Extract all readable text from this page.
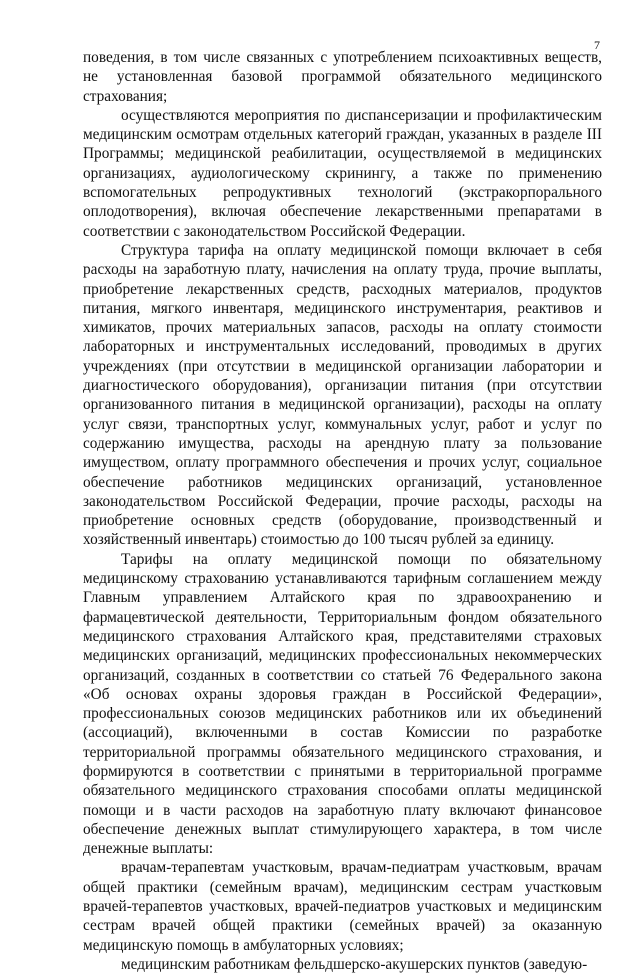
7

поведения, в том числе связанных с употреблением психоактивных веществ, не установленная базовой программой обязательного медицинского страхования;

осуществляются мероприятия по диспансеризации и профилактическим медицинским осмотрам отдельных категорий граждан, указанных в разделе III Программы; медицинской реабилитации, осуществляемой в медицинских организациях, аудиологическому скринингу, а также по применению вспомогательных репродуктивных технологий (экстракорпорального оплодотворения), включая обеспечение лекарственными препаратами в соответствии с законодательством Российской Федерации.

Структура тарифа на оплату медицинской помощи включает в себя расходы на заработную плату, начисления на оплату труда, прочие выплаты, приобретение лекарственных средств, расходных материалов, продуктов питания, мягкого инвентаря, медицинского инструментария, реактивов и химикатов, прочих материальных запасов, расходы на оплату стоимости лабораторных и инструментальных исследований, проводимых в других учреждениях (при отсутствии в медицинской организации лаборатории и диагностического оборудования), организации питания (при отсутствии организованного питания в медицинской организации), расходы на оплату услуг связи, транспортных услуг, коммунальных услуг, работ и услуг по содержанию имущества, расходы на арендную плату за пользование имуществом, оплату программного обеспечения и прочих услуг, социальное обеспечение работников медицинских организаций, установленное законодательством Российской Федерации, прочие расходы, расходы на приобретение основных средств (оборудование, производственный и хозяйственный инвентарь) стоимостью до 100 тысяч рублей за единицу.

Тарифы на оплату медицинской помощи по обязательному медицинскому страхованию устанавливаются тарифным соглашением между Главным управлением Алтайского края по здравоохранению и фармацевтической деятельности, Территориальным фондом обязательного медицинского страхования Алтайского края, представителями страховых медицинских организаций, медицинских профессиональных некоммерческих организаций, созданных в соответствии со статьей 76 Федерального закона «Об основах охраны здоровья граждан в Российской Федерации», профессиональных союзов медицинских работников или их объединений (ассоциаций), включенными в состав Комиссии по разработке территориальной программы обязательного медицинского страхования, и формируются в соответствии с принятыми в территориальной программе обязательного медицинского страхования способами оплаты медицинской помощи и в части расходов на заработную плату включают финансовое обеспечение денежных выплат стимулирующего характера, в том числе денежные выплаты:

врачам-терапевтам участковым, врачам-педиатрам участковым, врачам общей практики (семейным врачам), медицинским сестрам участковым врачей-терапевтов участковых, врачей-педиатров участковых и медицинским сестрам врачей общей практики (семейных врачей) за оказанную медицинскую помощь в амбулаторных условиях;

медицинским работникам фельдшерско-акушерских пунктов (заведую-
